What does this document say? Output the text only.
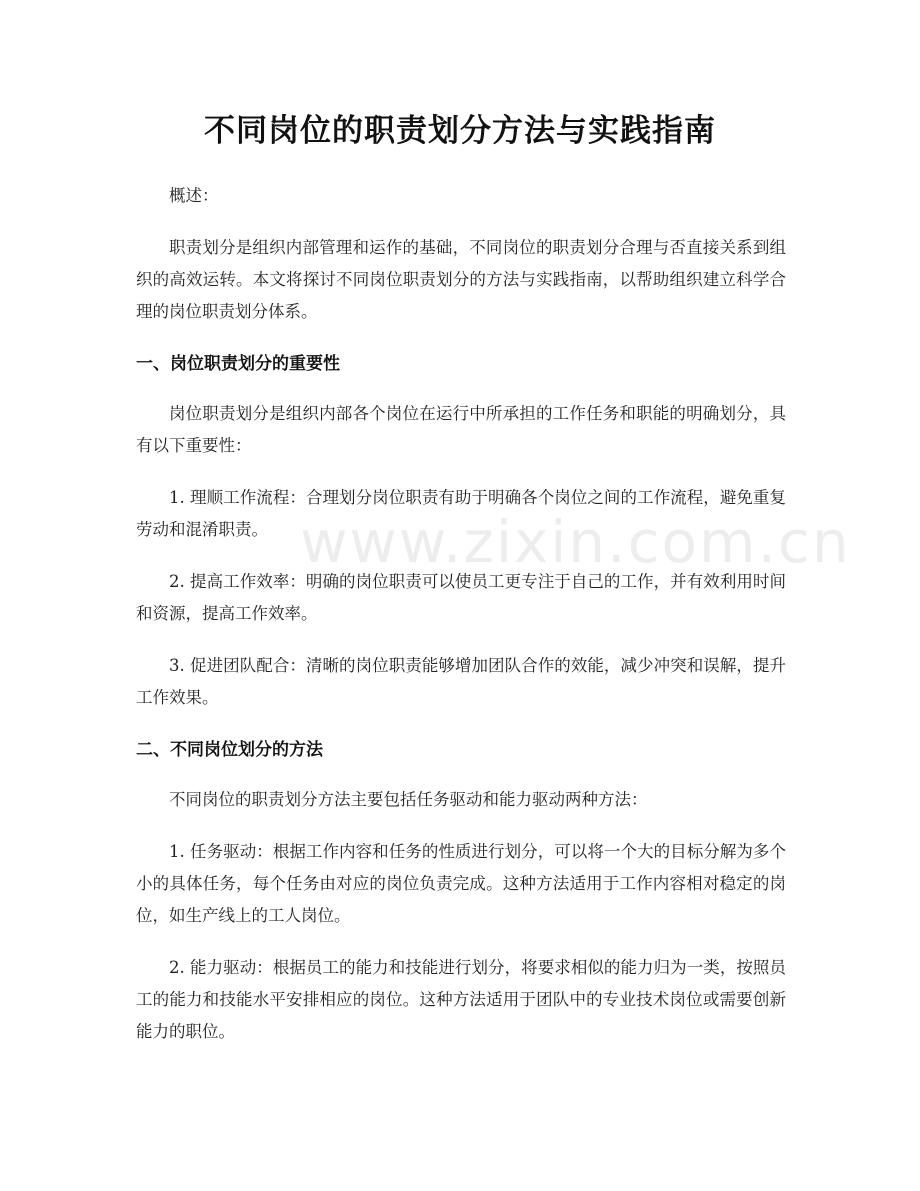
www.zixin.com.cn
不同岗位的职责划分方法与实践指南

概述：

职责划分是组织内部管理和运作的基础，不同岗位的职责划分合理与否直接关系到组织的高效运转。本文将探讨不同岗位职责划分的方法与实践指南，以帮助组织建立科学合理的岗位职责划分体系。

一、岗位职责划分的重要性

岗位职责划分是组织内部各个岗位在运行中所承担的工作任务和职能的明确划分，具有以下重要性：

1. 理顺工作流程：合理划分岗位职责有助于明确各个岗位之间的工作流程，避免重复劳动和混淆职责。

2. 提高工作效率：明确的岗位职责可以使员工更专注于自己的工作，并有效利用时间和资源，提高工作效率。

3. 促进团队配合：清晰的岗位职责能够增加团队合作的效能，减少冲突和误解，提升工作效果。

二、不同岗位划分的方法

不同岗位的职责划分方法主要包括任务驱动和能力驱动两种方法：

1. 任务驱动：根据工作内容和任务的性质进行划分，可以将一个大的目标分解为多个小的具体任务，每个任务由对应的岗位负责完成。这种方法适用于工作内容相对稳定的岗位，如生产线上的工人岗位。

2. 能力驱动：根据员工的能力和技能进行划分，将要求相似的能力归为一类，按照员工的能力和技能水平安排相应的岗位。这种方法适用于团队中的专业技术岗位或需要创新能力的职位。
